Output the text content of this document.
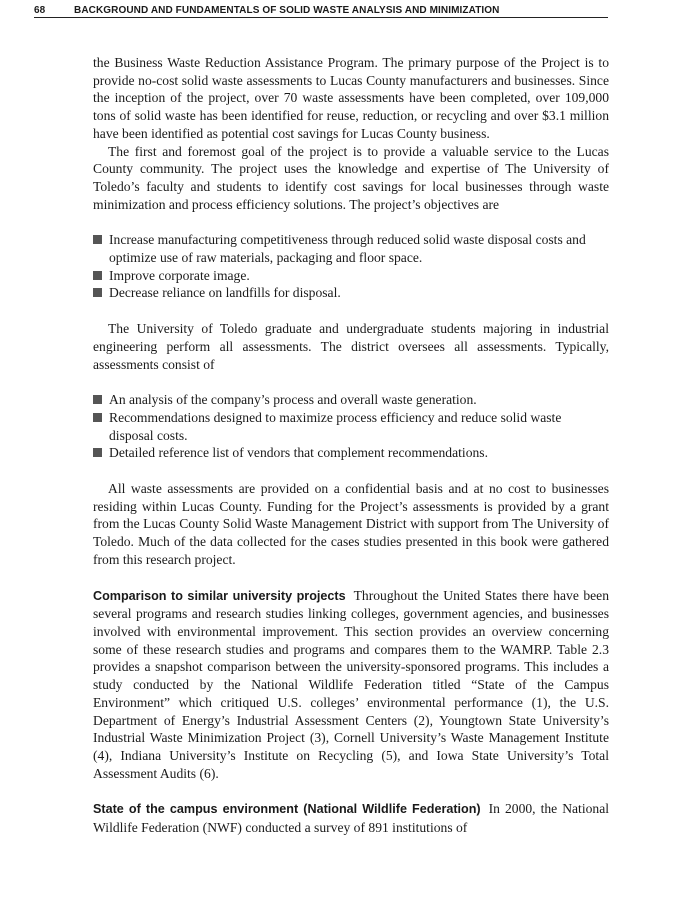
68	BACKGROUND AND FUNDAMENTALS OF SOLID WASTE ANALYSIS AND MINIMIZATION

the Business Waste Reduction Assistance Program. The primary purpose of the Project is to provide no-cost solid waste assessments to Lucas County manufacturers and businesses. Since the inception of the project, over 70 waste assessments have been completed, over 109,000 tons of solid waste has been identified for reuse, reduction, or recycling and over $3.1 million have been identified as potential cost savings for Lucas County business.

The first and foremost goal of the project is to provide a valuable service to the Lucas County community. The project uses the knowledge and expertise of The University of Toledo’s faculty and students to identify cost savings for local businesses through waste minimization and process efficiency solutions. The project’s objectives are

Increase manufacturing competitiveness through reduced solid waste disposal costs and optimize use of raw materials, packaging and floor space.
Improve corporate image.
Decrease reliance on landfills for disposal.

The University of Toledo graduate and undergraduate students majoring in industrial engineering perform all assessments. The district oversees all assessments. Typically, assessments consist of

An analysis of the company’s process and overall waste generation.
Recommendations designed to maximize process efficiency and reduce solid waste disposal costs.
Detailed reference list of vendors that complement recommendations.

All waste assessments are provided on a confidential basis and at no cost to businesses residing within Lucas County. Funding for the Project’s assessments is provided by a grant from the Lucas County Solid Waste Management District with support from The University of Toledo. Much of the data collected for the cases studies presented in this book were gathered from this research project.

Comparison to similar university projects Throughout the United States there have been several programs and research studies linking colleges, government agencies, and businesses involved with environmental improvement. This section provides an overview concerning some of these research studies and programs and compares them to the WAMRP. Table 2.3 provides a snapshot comparison between the university-sponsored programs. This includes a study conducted by the National Wildlife Federation titled “State of the Campus Environment” which critiqued U.S. colleges’ environmental performance (1), the U.S. Department of Energy’s Industrial Assessment Centers (2), Youngtown State University’s Industrial Waste Minimization Project (3), Cornell University’s Waste Management Institute (4), Indiana University’s Institute on Recycling (5), and Iowa State University’s Total Assessment Audits (6).

State of the campus environment (National Wildlife Federation) In 2000, the National Wildlife Federation (NWF) conducted a survey of 891 institutions of
